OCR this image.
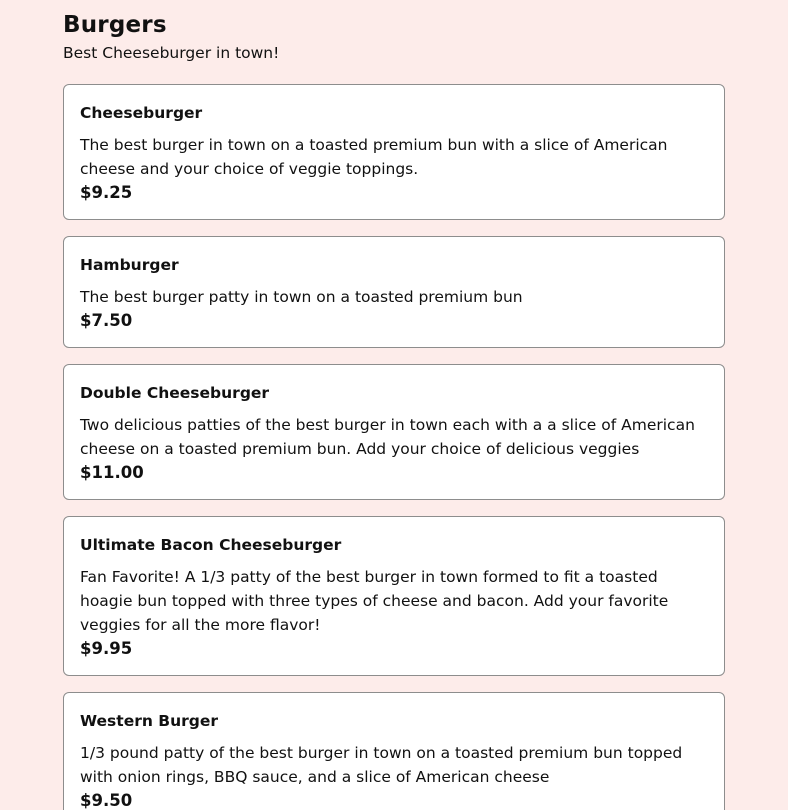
Burgers

Best Cheeseburger in town!

Cheeseburger

The best burger in town on a toasted premium bun with a slice of American cheese and your choice of veggie toppings.

$9.25

Hamburger

The best burger patty in town on a toasted premium bun

$7.50

Double Cheeseburger

Two delicious patties of the best burger in town each with a a slice of American cheese on a toasted premium bun. Add your choice of delicious veggies

$11.00

Ultimate Bacon Cheeseburger

Fan Favorite! A 1/3 patty of the best burger in town formed to fit a toasted hoagie bun topped with three types of cheese and bacon. Add your favorite veggies for all the more flavor!

$9.95

Western Burger

1/3 pound patty of the best burger in town on a toasted premium bun topped with onion rings, BBQ sauce, and a slice of American cheese

$9.50
